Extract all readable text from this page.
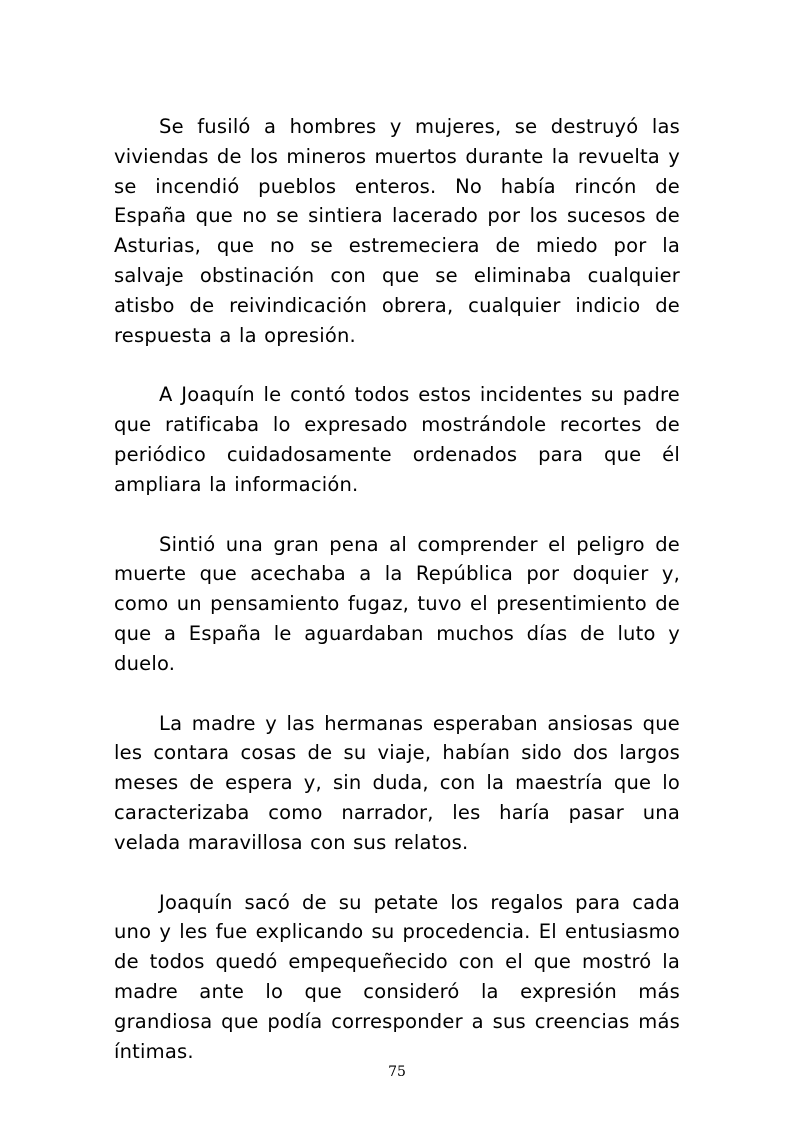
Se fusiló a hombres y mujeres, se destruyó las viviendas de los mineros muertos durante la revuelta y se incendió pueblos enteros. No había rincón de España que no se sintiera lacerado por los sucesos de Asturias, que no se estremeciera de miedo por la salvaje obstinación con que se eliminaba cualquier atisbo de reivindicación obrera, cualquier indicio de respuesta a la opresión.

A Joaquín le contó todos estos incidentes su padre que ratificaba lo expresado mostrándole recortes de periódico cuidadosamente ordenados para que él ampliara la información.

Sintió una gran pena al comprender el peligro de muerte que acechaba a la República por doquier y, como un pensamiento fugaz, tuvo el presentimiento de que a España le aguardaban muchos días de luto y duelo.

La madre y las hermanas esperaban ansiosas que les contara cosas de su viaje, habían sido dos largos meses de espera y, sin duda, con la maestría que lo caracterizaba como narrador, les haría pasar una velada maravillosa con sus relatos.

Joaquín sacó de su petate los regalos para cada uno y les fue explicando su procedencia. El entusiasmo de todos quedó empequeñecido con el que mostró la madre ante lo que consideró la expresión más grandiosa que podía corresponder a sus creencias más íntimas.

75
